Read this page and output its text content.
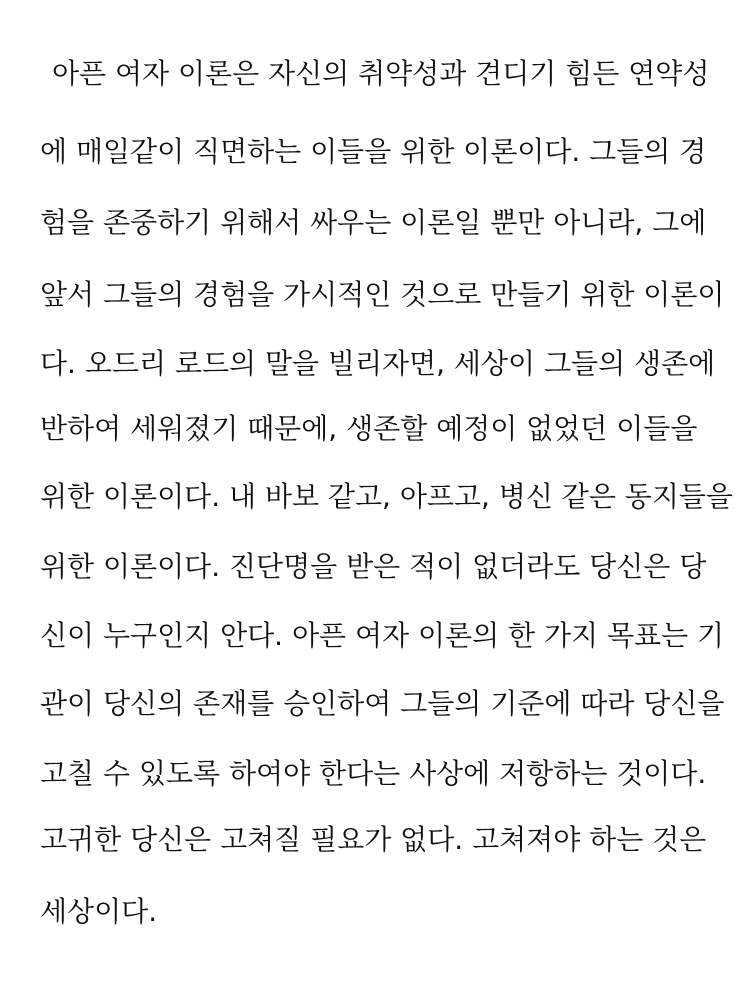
아픈 여자 이론은 자신의 취약성과 견디기 힘든 연약성
에 매일같이 직면하는 이들을 위한 이론이다. 그들의 경
험을 존중하기 위해서 싸우는 이론일 뿐만 아니라, 그에
앞서 그들의 경험을 가시적인 것으로 만들기 위한 이론이
다. 오드리 로드의 말을 빌리자면, 세상이 그들의 생존에
반하여 세워졌기 때문에, 생존할 예정이 없었던 이들을
위한 이론이다. 내 바보 같고, 아프고, 병신 같은 동지들을
위한 이론이다. 진단명을 받은 적이 없더라도 당신은 당
신이 누구인지 안다. 아픈 여자 이론의 한 가지 목표는 기
관이 당신의 존재를 승인하여 그들의 기준에 따라 당신을
고칠 수 있도록 하여야 한다는 사상에 저항하는 것이다.
고귀한 당신은 고쳐질 필요가 없다. 고쳐져야 하는 것은
세상이다.
